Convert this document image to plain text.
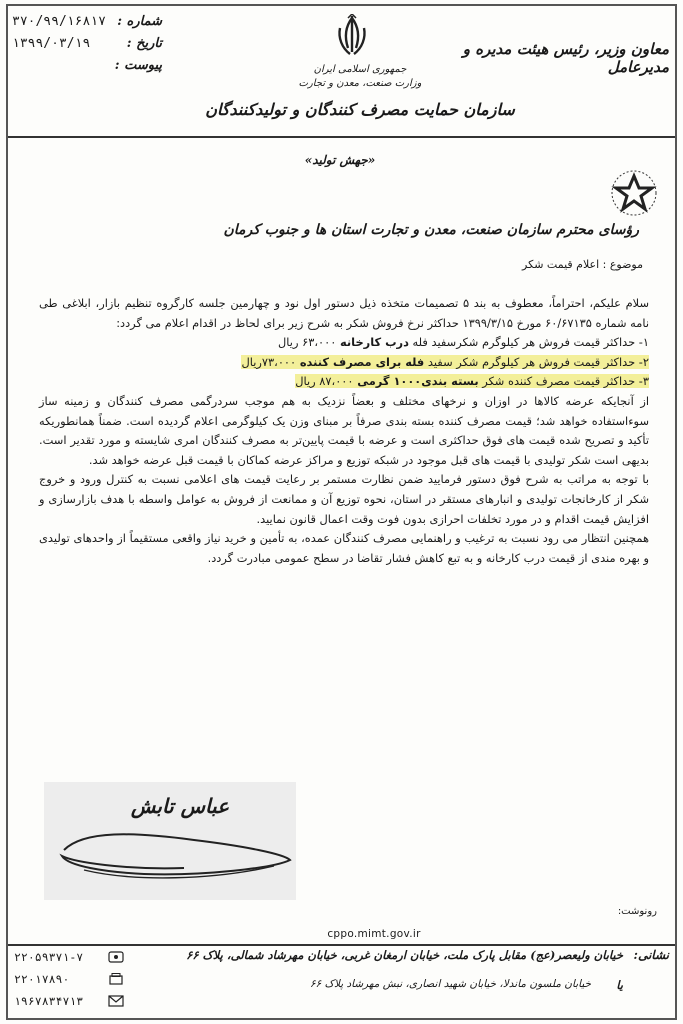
شماره :
۳۷۰/۹۹/۱۶۸۱۷
تاریخ :
۱۳۹۹/۰۳/۱۹
پیوست :	جمهوری اسلامی ایران
وزارت صنعت، معدن و تجارت
سازمان حمایت مصرف کنندگان و تولیدکنندگان
معاون وزیر، رئیس هیئت مدیره و مدیرعامل
«جهش تولید»
رؤسای محترم سازمان صنعت، معدن و تجارت استان ها و جنوب کرمان
موضوع : اعلام قیمت شکر

سلام علیکم، احتراماً، معطوف به بند ۵ تصمیمات متخذه ذیل دستور اول نود و چهارمین جلسه کارگروه تنظیم بازار، ابلاغی طی نامه شماره ۶۰/۶۷۱۳۵ مورخ ۱۳۹۹/۳/۱۵ حداکثر نرخ فروش شکر به شرح زیر برای لحاظ در اقدام اعلام می گردد:

۱- حداکثر قیمت فروش هر کیلوگرم شکرسفید فله درب کارخانه ۶۳،۰۰۰ ریال
۲- حداکثر قیمت فروش هر کیلوگرم شکر سفید فله برای مصرف کننده ۷۳،۰۰۰ریال
۳- حداکثر قیمت مصرف کننده شکر بسته بندی۱۰۰۰ گرمی ۸۷،۰۰۰ ریال

از آنجایکه عرضه کالاها در اوزان و نرخهای مختلف و بعضاً نزدیک به هم موجب سردرگمی مصرف کنندگان و زمینه ساز سوءاستفاده خواهد شد؛ قیمت مصرف کننده بسته بندی صرفاً بر مبنای وزن یک کیلوگرمی اعلام گردیده است. ضمناً همانطوریکه تأکید و تصریح شده قیمت های فوق حداکثری است و عرضه با قیمت پایین‌تر به مصرف کنندگان امری شایسته و مورد تقدیر است. بدیهی است شکر تولیدی با قیمت های قبل موجود در شبکه توزیع و مراکز عرضه کماکان با قیمت قبل عرضه خواهد شد.

با توجه به مراتب به شرح فوق دستور فرمایید ضمن نظارت مستمر بر رعایت قیمت های اعلامی نسبت به کنترل ورود و خروج شکر از کارخانجات تولیدی و انبارهای مستقر در استان، نحوه توزیع آن و ممانعت از فروش به عوامل واسطه با هدف بازارسازی و افزایش قیمت اقدام و در مورد تخلفات احرازی بدون فوت وقت اعمال قانون نمایید.

همچنین انتظار می رود نسبت به ترغیب و راهنمایی مصرف کنندگان عمده، به تأمین و خرید نیاز واقعی مستقیماً از واحدهای تولیدی و بهره مندی از قیمت درب کارخانه و به تبع کاهش فشار تقاضا در سطح عمومی مبادرت گردد.

عباس تابش
رونوشت:
cppo.mimt.gov.ir
نشانی:
خیابان ولیعصر(عج) مقابل پارک ملت، خیابان ارمغان غربی، خیابان مهرشاد شمالی، پلاک ۶۶
یا
خیابان ملسون ماندلا، خیابان شهید انصاری، نبش مهرشاد پلاک ۶۶
۲۲۰۵۹۳۷۱-۷
۲۲۰۱۷۸۹۰
۱۹۶۷۸۳۴۷۱۳
